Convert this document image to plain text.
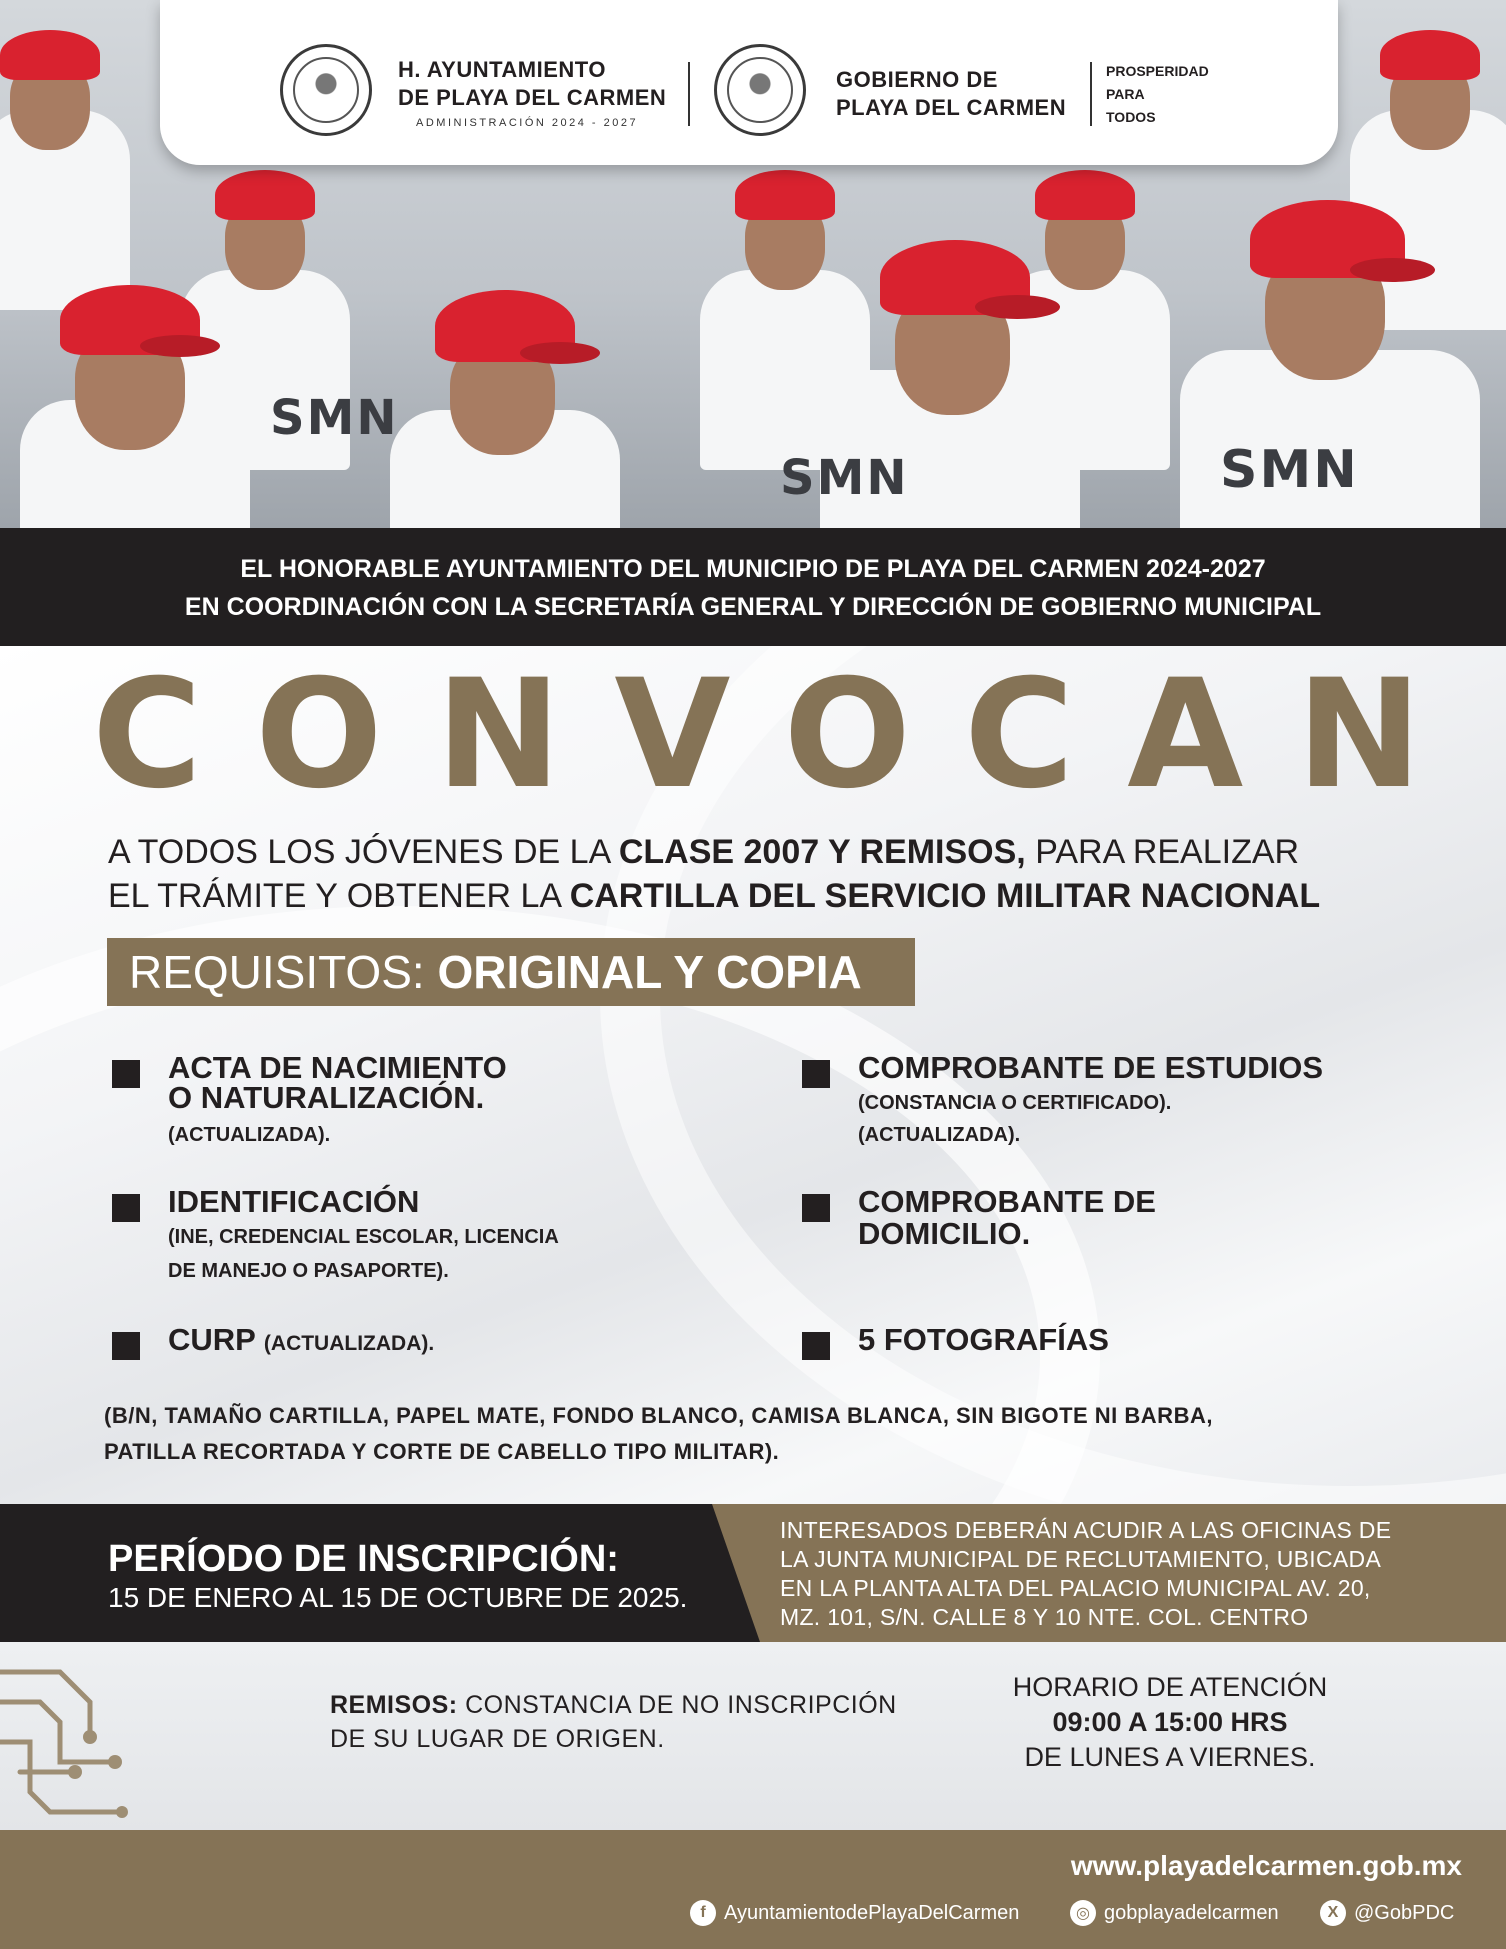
SMN
SMN	SMN
H. AYUNTAMIENTO
DE PLAYA DEL CARMEN
ADMINISTRACIÓN 2024 - 2027
GOBIERNO DE
PLAYA DEL CARMEN
PROSPERIDAD
PARA
TODOS
EL HONORABLE AYUNTAMIENTO DEL MUNICIPIO DE PLAYA DEL CARMEN 2024-2027
EN COORDINACIÓN CON LA SECRETARÍA GENERAL Y DIRECCIÓN DE GOBIERNO MUNICIPAL
C O N V O C A N
A TODOS LOS JÓVENES DE LA CLASE 2007 Y REMISOS, PARA REALIZAR
EL TRÁMITE Y OBTENER LA CARTILLA DEL SERVICIO MILITAR NACIONAL
REQUISITOS: ORIGINAL Y COPIA
ACTA DE NACIMIENTO
O NATURALIZACIÓN.
(ACTUALIZADA).
COMPROBANTE DE ESTUDIOS
(CONSTANCIA O CERTIFICADO).
(ACTUALIZADA).
IDENTIFICACIÓN
(INE, CREDENCIAL ESCOLAR, LICENCIA
DE MANEJO O PASAPORTE).
COMPROBANTE DE
DOMICILIO.
CURP (ACTUALIZADA).	5 FOTOGRAFÍAS
(B/N, TAMAÑO CARTILLA, PAPEL MATE, FONDO BLANCO, CAMISA BLANCA, SIN BIGOTE NI BARBA,
PATILLA RECORTADA Y CORTE DE CABELLO TIPO MILITAR).
PERÍODO DE INSCRIPCIÓN:
15 DE ENERO AL 15 DE OCTUBRE DE 2025.
INTERESADOS DEBERÁN ACUDIR A LAS OFICINAS DE
LA JUNTA MUNICIPAL DE RECLUTAMIENTO, UBICADA
EN LA PLANTA ALTA DEL PALACIO MUNICIPAL AV. 20,
MZ. 101, S/N. CALLE 8 Y 10 NTE. COL. CENTRO
REMISOS: CONSTANCIA DE NO INSCRIPCIÓN
DE SU LUGAR DE ORIGEN.
HORARIO DE ATENCIÓN
09:00 A 15:00 HRS
DE LUNES A VIERNES.
www.playadelcarmen.gob.mx
f AyuntamientodePlayaDelCarmen	◎ gobplayadelcarmen	X @GobPDC
